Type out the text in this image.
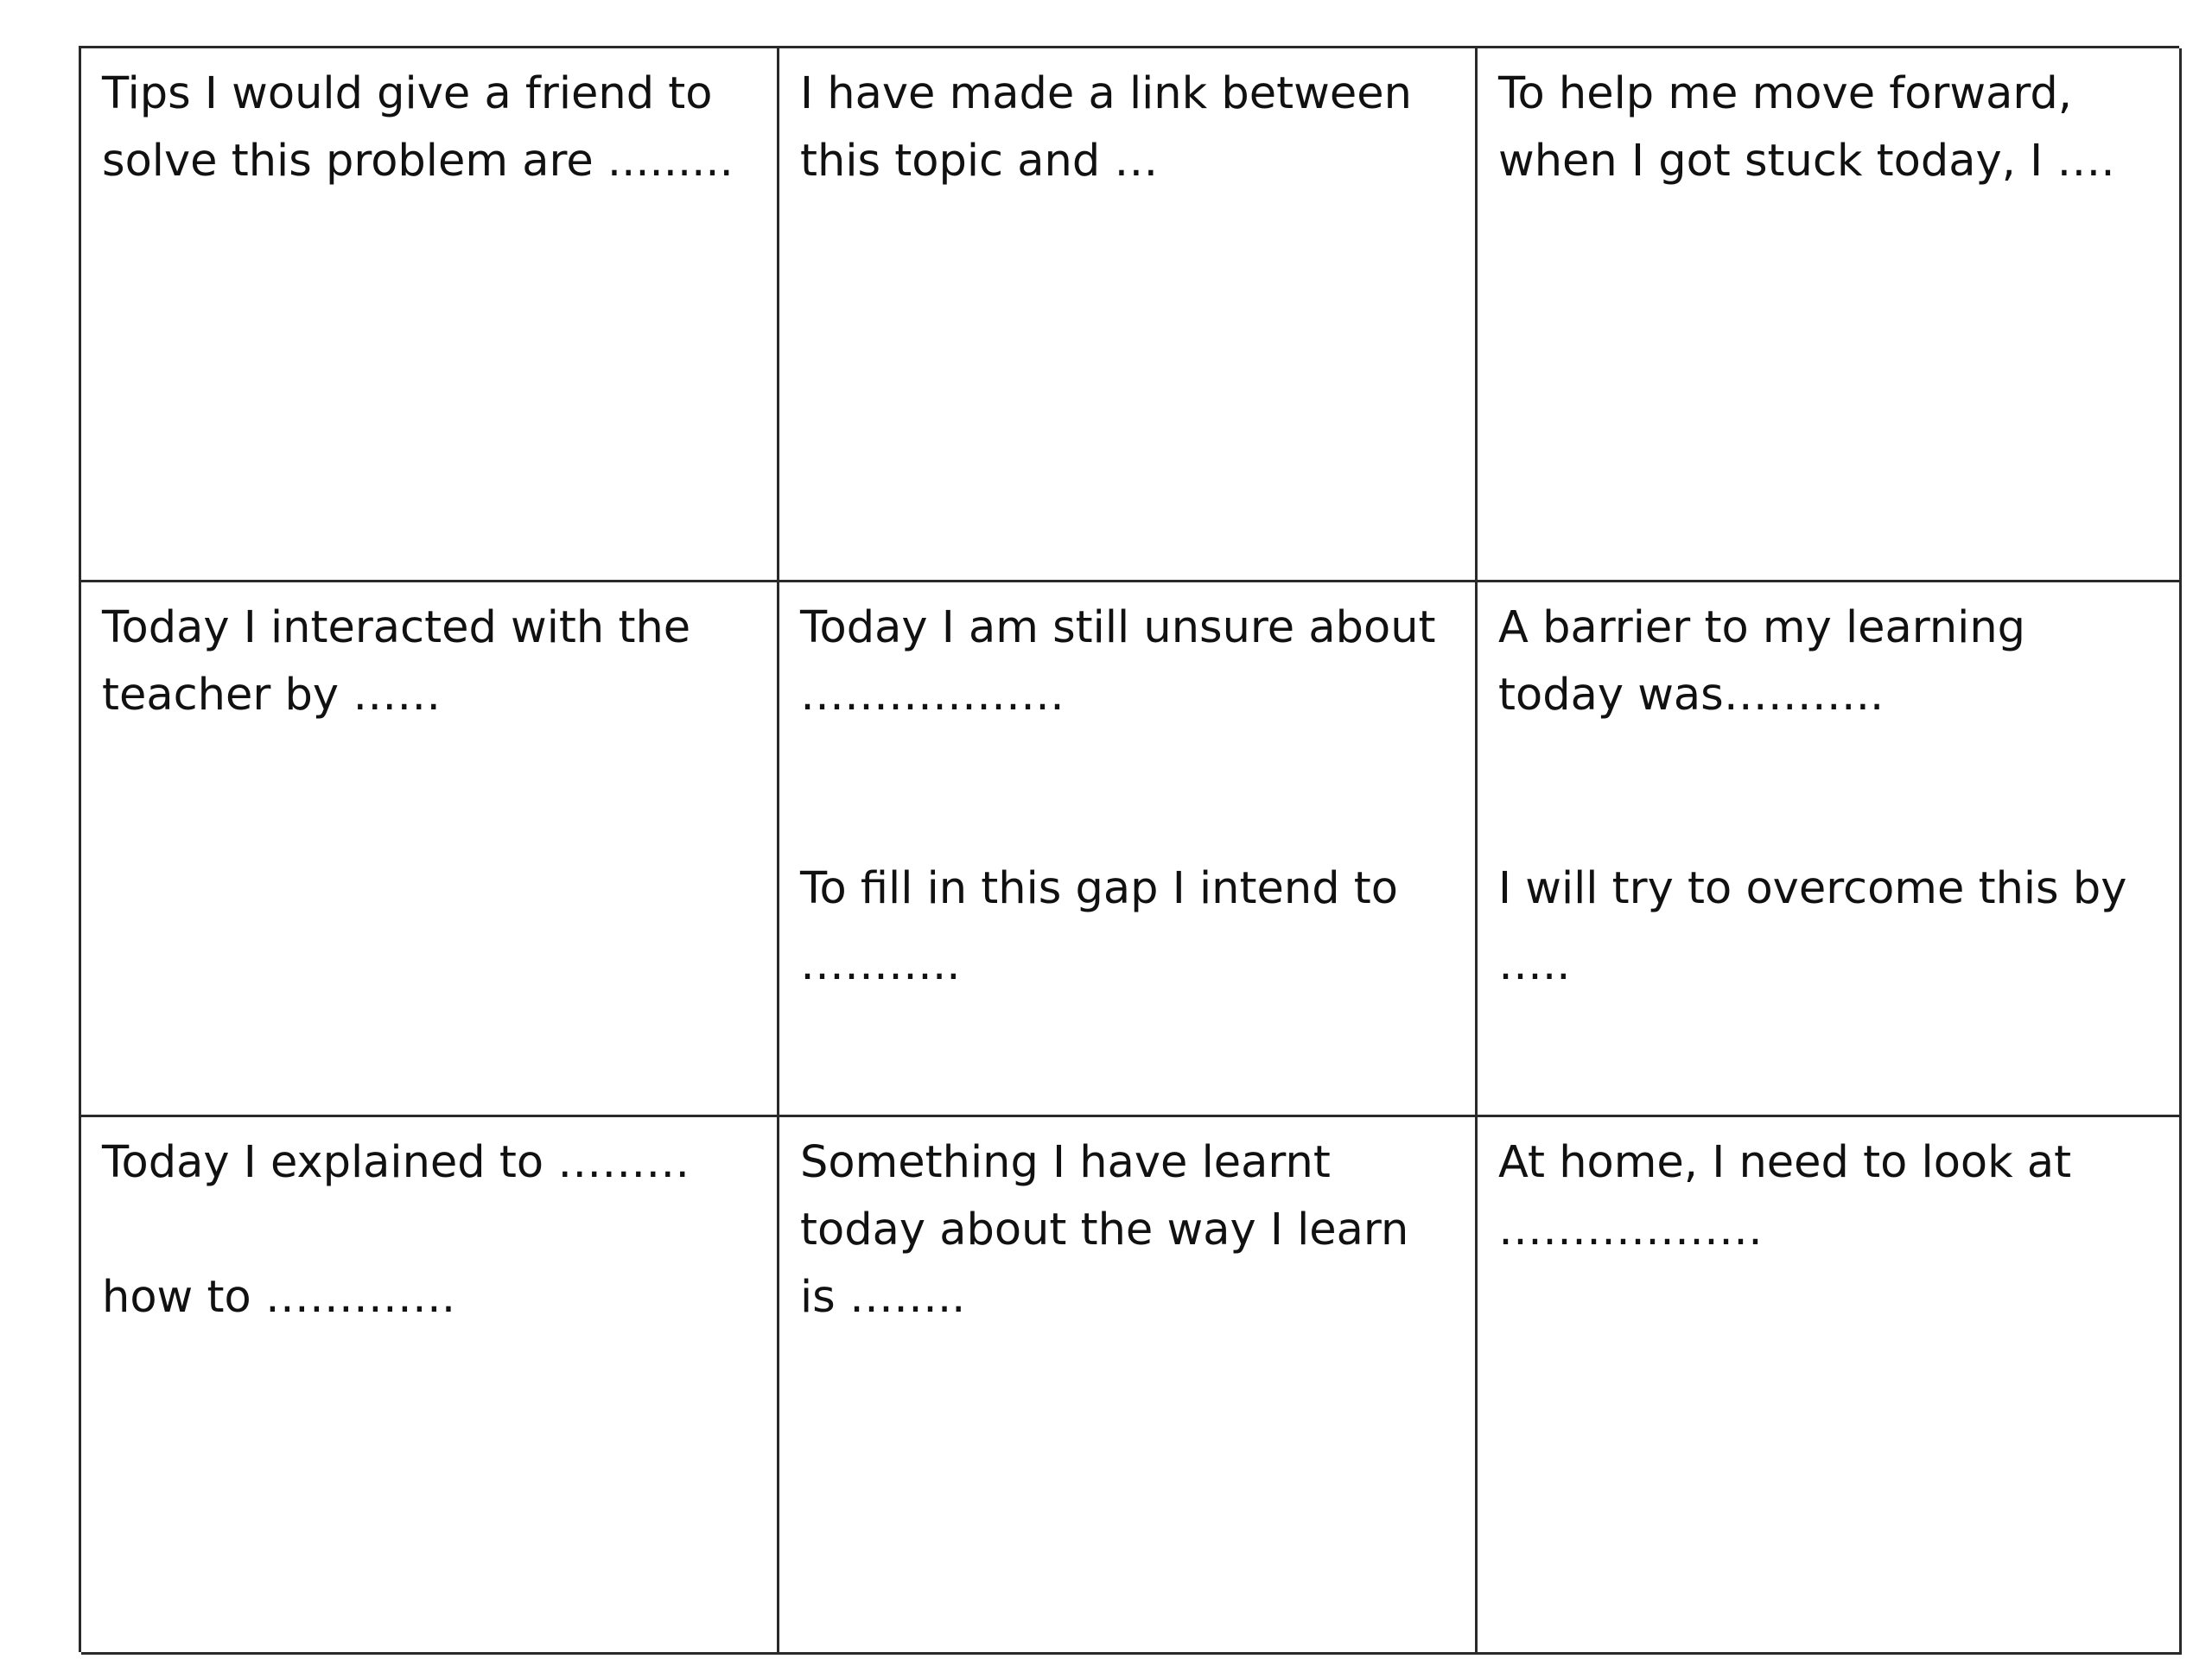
Tips I would give a friend to
solve this problem are .........
I have made a link between
this topic and …
To help me move forward,
when I got stuck today, I ….
Today I interacted with the
teacher by ……
Today I am still unsure about
………………
To fill in this gap I intend to
………..
A barrier to my learning
today was………..
I will try to overcome this by
…..
Today I explained to ………
how to ………….
Something I have learnt
today about the way I learn
is ……..
At home, I need to look at
………………
